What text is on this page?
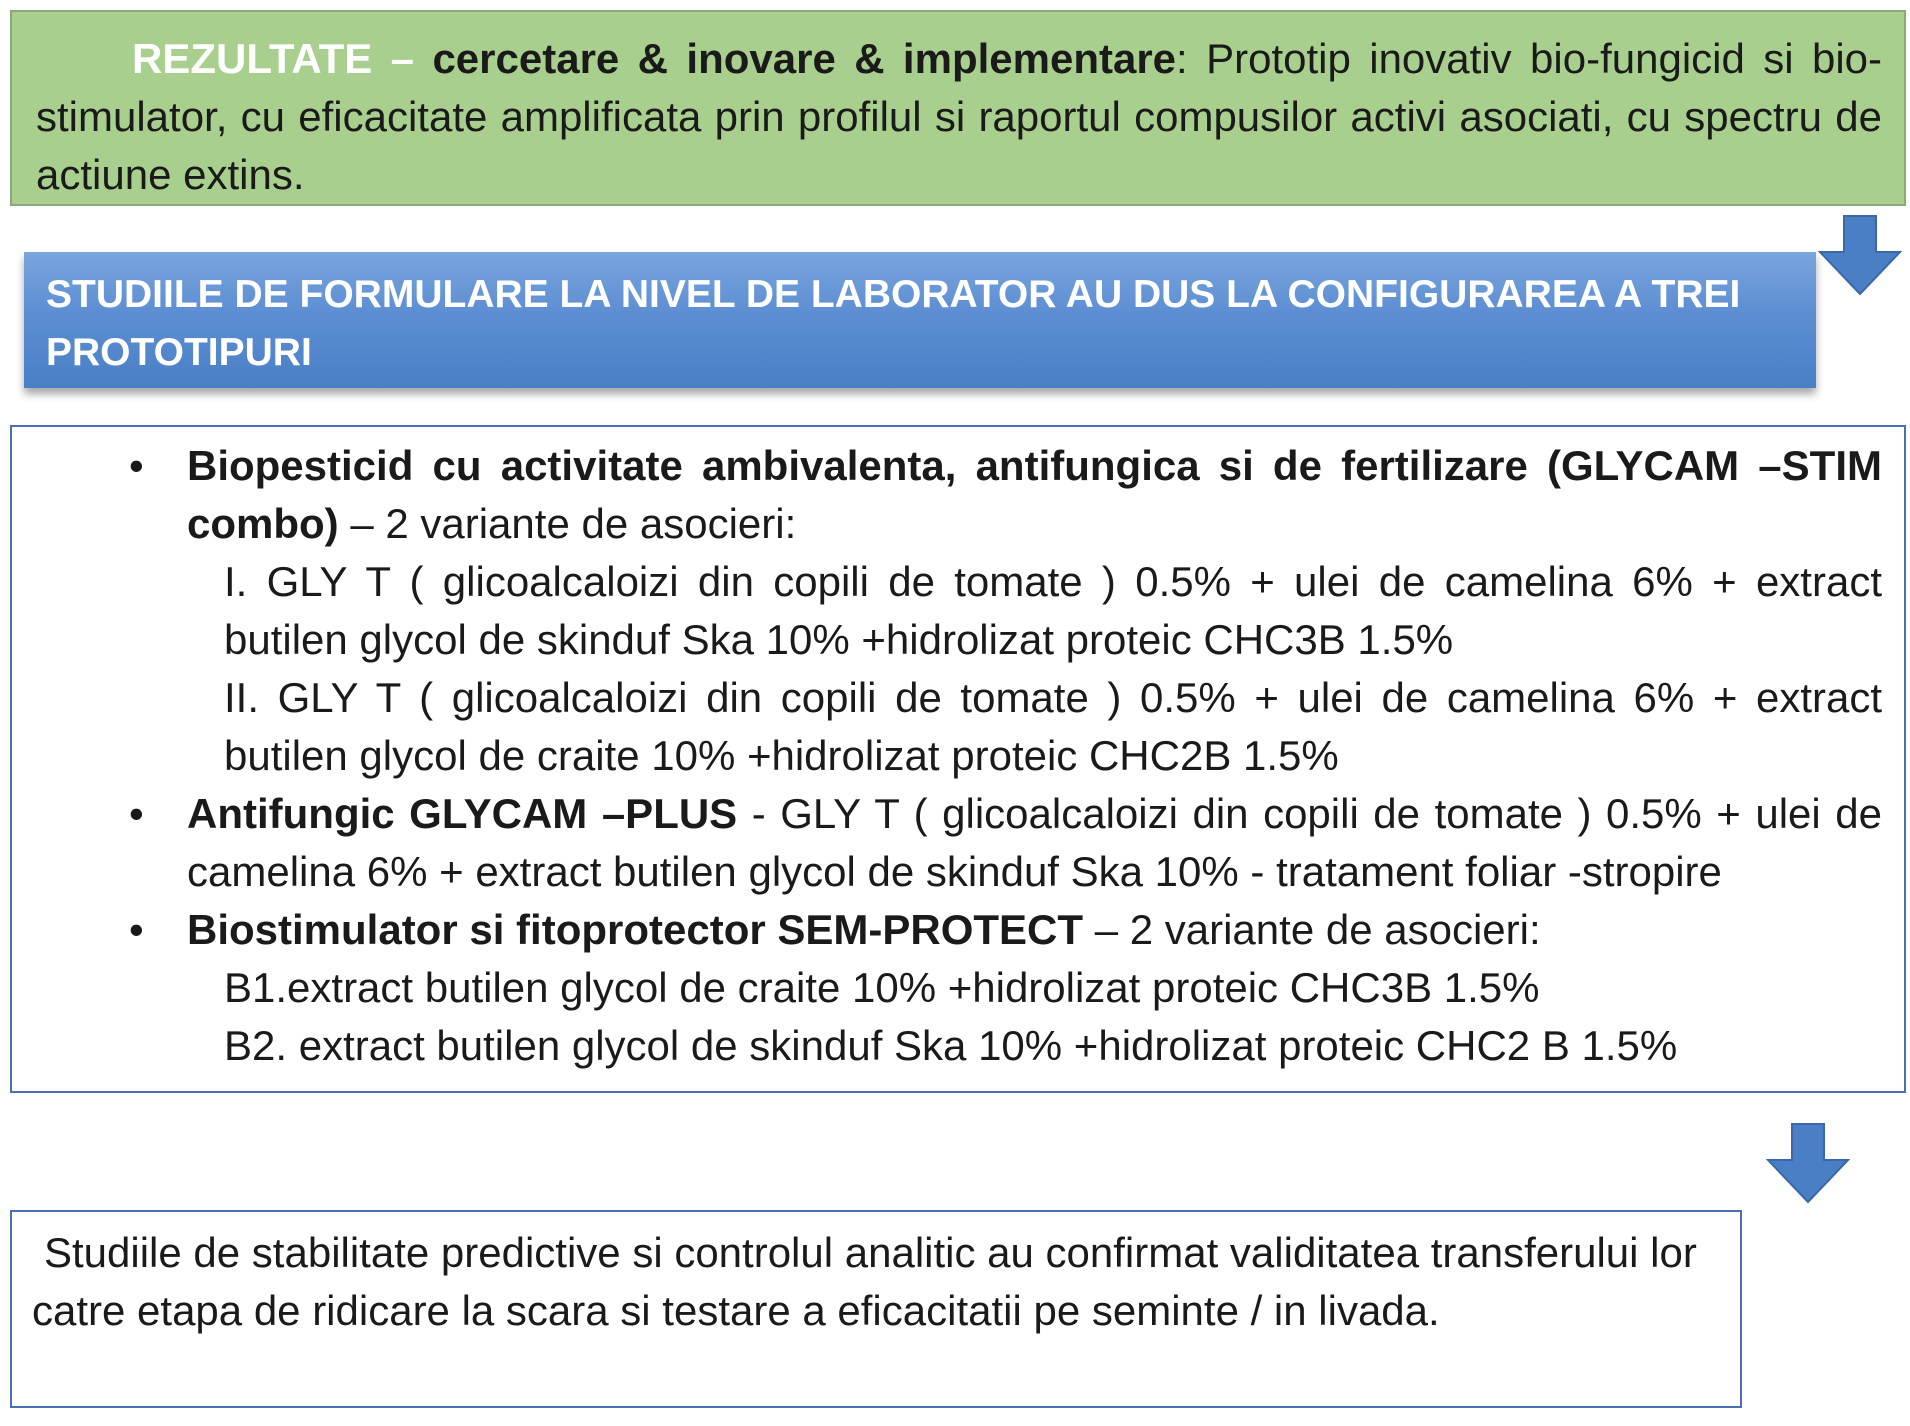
REZULTATE – cercetare & inovare & implementare: Prototip inovativ bio-fungicid si bio-stimulator, cu eficacitate amplificata prin profilul si raportul compusilor activi asociati, cu spectru de actiune extins.
STUDIILE DE FORMULARE LA NIVEL DE LABORATOR AU DUS LA CONFIGURAREA A TREI PROTOTIPURI
• Biopesticid cu activitate ambivalenta, antifungica si de fertilizare (GLYCAM –STIM combo) – 2 variante de asocieri:
I. GLY T ( glicoalcaloizi din copili de tomate ) 0.5% + ulei de camelina 6% + extract butilen glycol de skinduf Ska 10% +hidrolizat proteic CHC3B 1.5%
II. GLY T ( glicoalcaloizi din copili de tomate ) 0.5% + ulei de camelina 6% + extract butilen glycol de craite 10% +hidrolizat proteic CHC2B 1.5%
• Antifungic GLYCAM –PLUS - GLY T ( glicoalcaloizi din copili de tomate ) 0.5% + ulei de camelina 6% + extract butilen glycol de skinduf Ska 10% - tratament foliar -stropire
• Biostimulator si fitoprotector SEM-PROTECT – 2 variante de asocieri:
B1.extract butilen glycol de craite 10% +hidrolizat proteic CHC3B 1.5%
B2. extract butilen glycol de skinduf Ska 10% +hidrolizat proteic CHC2 B 1.5%
Studiile de stabilitate predictive si controlul analitic au confirmat validitatea transferului lor catre etapa de ridicare la scara si testare a eficacitatii pe seminte / in livada.
